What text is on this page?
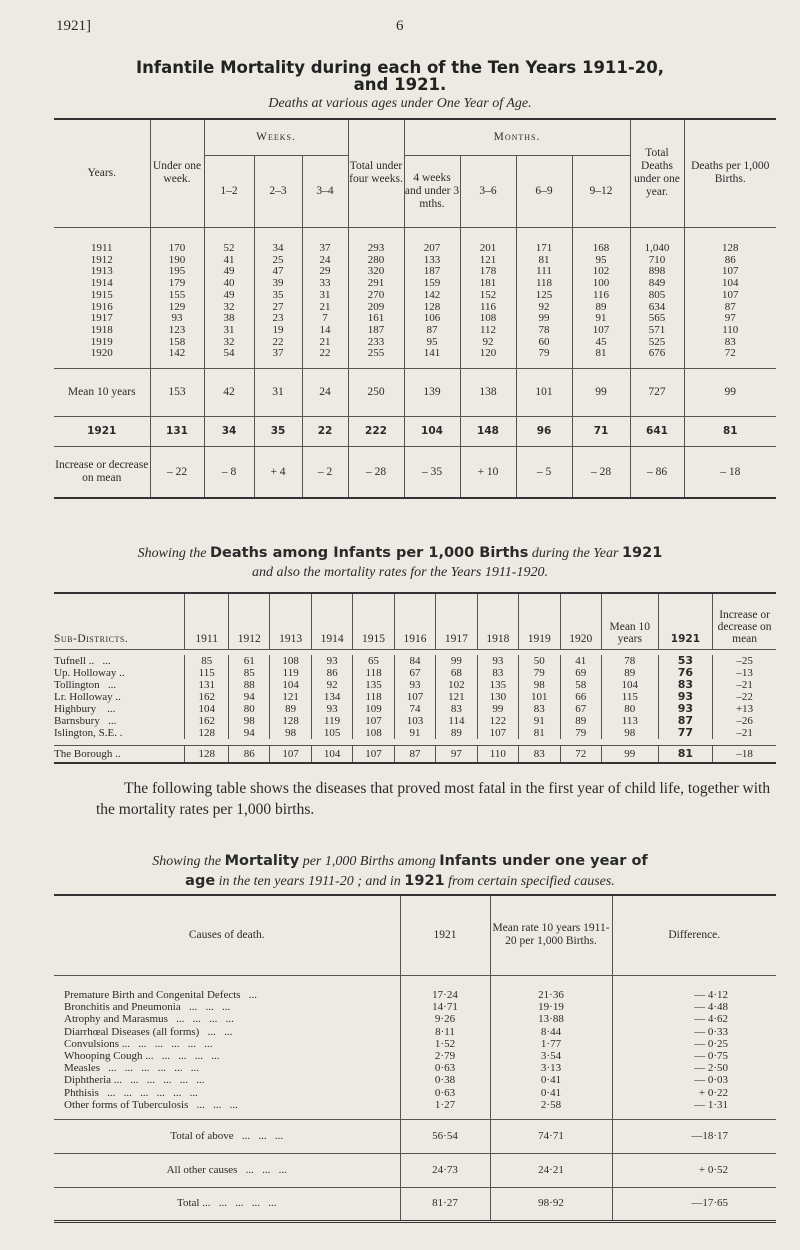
1921]	6
Infantile Mortality during each of the Ten Years 1911-20,
and 1921.
Deaths at various ages under One Year of Age.
Years.	Under one week.	Weeks.			Total under four weeks.	Months.				Total Deaths under one year.	Deaths per 1,000 Births.
		1–2	2–3	3–4		4 weeks and under 3 mths.	3–6	6–9	9–12		

1911	170	52	34	37	293	207	201	171	168	1,040	128
1912	190	41	25	24	280	133	121	81	95	710	86
1913	195	49	47	29	320	187	178	111	102	898	107
1914	179	40	39	33	291	159	181	118	100	849	104
1915	155	49	35	31	270	142	152	125	116	805	107
1916	129	32	27	21	209	128	116	92	89	634	87
1917	93	38	23	7	161	106	108	99	91	565	97
1918	123	31	19	14	187	87	112	78	107	571	110
1919	158	32	22	21	233	95	92	60	45	525	83
1920	142	54	37	22	255	141	120	79	81	676	72

Mean 10 years	153	42	31	24	250	139	138	101	99	727	99
1921	131	34	35	22	222	104	148	96	71	641	81
Increase or decrease on mean	– 22	– 8	+ 4	– 2	– 28	– 35	+ 10	– 5	– 28	– 86	– 18
Showing the Deaths among Infants per 1,000 Births during the Year 1921
and also the mortality rates for the Years 1911-1920.
Sub-Districts.	1911	1912	1913	1914	1915	1916	1917	1918	1919	1920	Mean 10 years	1921	Increase or decrease on mean

Tufnell ..   ...	85	61	108	93	65	84	99	93	50	41	78	53	–25
Up. Holloway ..	115	85	119	86	118	67	68	83	79	69	89	76	–13
Tollington   ...	131	88	104	92	135	93	102	135	98	58	104	83	–21
Lr. Holloway ..	162	94	121	134	118	107	121	130	101	66	115	93	–22
Highbury    ...	104	80	89	93	109	74	83	99	83	67	80	93	+13
Barnsbury   ...	162	98	128	119	107	103	114	122	91	89	113	87	–26
Islington, S.E. .	128	94	98	105	108	91	89	107	81	79	98	77	–21

The Borough ..	128	86	107	104	107	87	97	110	83	72	99	81	–18
The following table shows the diseases that proved most fatal in the first year of child life, together with the mortality rates per 1,000 births.
Showing the Mortality per 1,000 Births among Infants under one year of
age in the ten years 1911-20 ; and in 1921 from certain specified causes.
Causes of death.	1921	Mean rate 10 years 1911-20 per 1,000 Births.	Difference.

Premature Birth and Congenital Defects   ...	17·24	21·36	— 4·12
Bronchitis and Pneumonia   ...   ...   ...	14·71	19·19	— 4·48
Atrophy and Marasmus   ...   ...   ...   ...	9·26	13·88	— 4·62
Diarrhœal Diseases (all forms)   ...   ...	8·11	8·44	— 0·33
Convulsions ...   ...   ...   ...   ...   ...	1·52	1·77	— 0·25
Whooping Cough ...   ...   ...   ...   ...	2·79	3·54	— 0·75
Measles   ...   ...   ...   ...   ...   ...	0·63	3·13	— 2·50
Diphtheria ...   ...   ...   ...   ...   ...	0·38	0·41	— 0·03
Phthisis   ...   ...   ...   ...   ...   ...	0·63	0·41	+ 0·22
Other forms of Tuberculosis   ...   ...   ...	1·27	2·58	— 1·31

Total of above   ...   ...   ...	56·54	74·71	—18·17
All other causes   ...   ...   ...	24·73	24·21	+ 0·52
Total ...   ...   ...   ...   ...	81·27	98·92	—17·65
